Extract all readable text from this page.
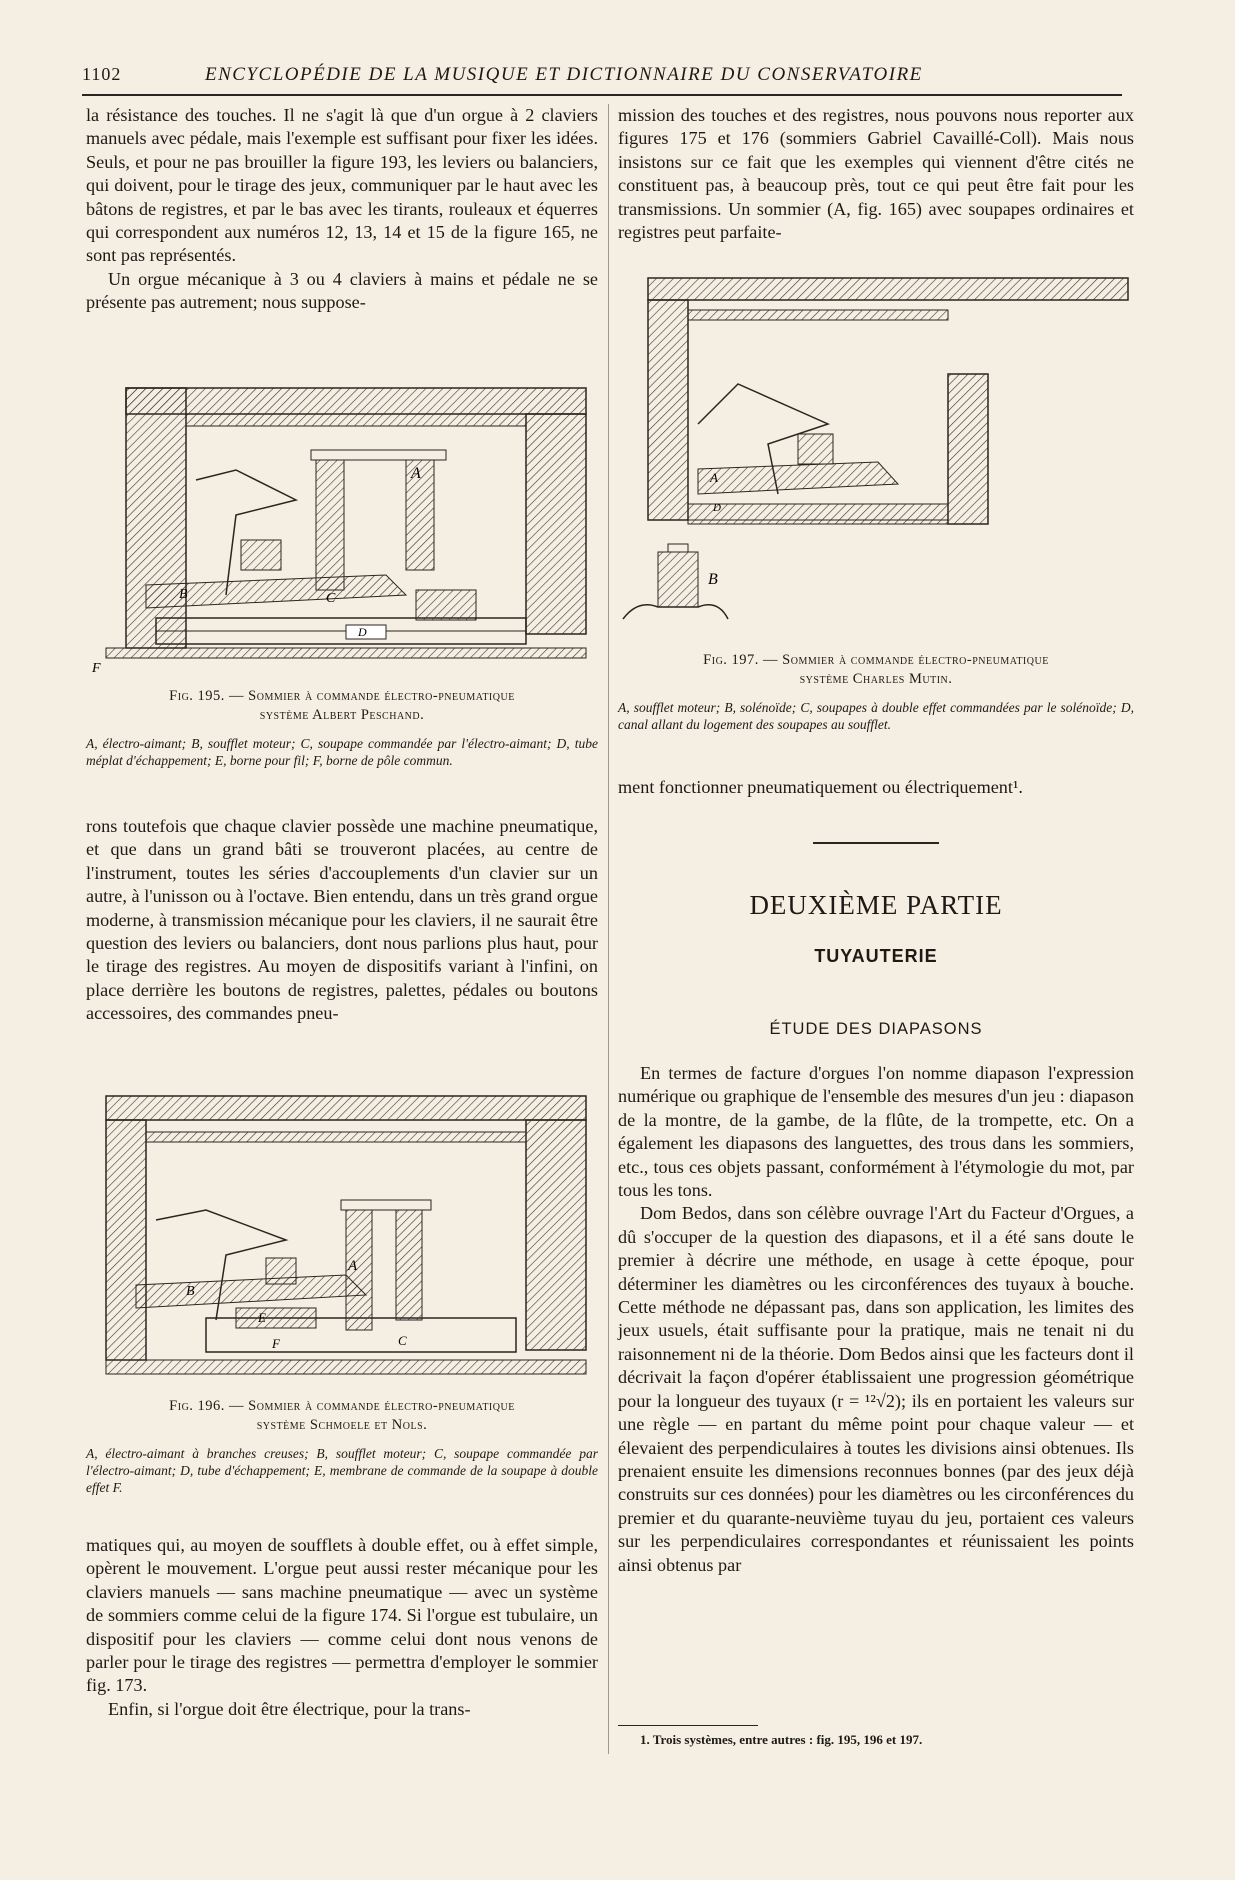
1102	ENCYCLOPÉDIE DE LA MUSIQUE ET DICTIONNAIRE DU CONSERVATOIRE

la résistance des touches. Il ne s'agit là que d'un orgue à 2 claviers manuels avec pédale, mais l'exemple est suffisant pour fixer les idées. Seuls, et pour ne pas brouiller la figure 193, les leviers ou balanciers, qui doivent, pour le tirage des jeux, communiquer par le haut avec les bâtons de registres, et par le bas avec les tirants, rouleaux et équerres qui correspondent aux numéros 12, 13, 14 et 15 de la figure 165, ne sont pas représentés.

Un orgue mécanique à 3 ou 4 claviers à mains et pédale ne se présente pas autrement; nous suppose-

A
B	C
D
F
Fig. 195. — Sommier à commande électro-pneumatique
système Albert Peschand.
A, électro-aimant; B, soufflet moteur; C, soupape commandée par l'électro-aimant; D, tube méplat d'échappement; E, borne pour fil; F, borne de pôle commun.

rons toutefois que chaque clavier possède une machine pneumatique, et que dans un grand bâti se trouveront placées, au centre de l'instrument, toutes les séries d'accouplements d'un clavier sur un autre, à l'unisson ou à l'octave. Bien entendu, dans un très grand orgue moderne, à transmission mécanique pour les claviers, il ne saurait être question des leviers ou balanciers, dont nous parlions plus haut, pour le tirage des registres. Au moyen de dispositifs variant à l'infini, on place derrière les boutons de registres, palettes, pédales ou boutons accessoires, des commandes pneu-

A
B
C
E
F
Fig. 196. — Sommier à commande électro-pneumatique
système Schmoele et Nols.
A, électro-aimant à branches creuses; B, soufflet moteur; C, soupape commandée par l'électro-aimant; D, tube d'échappement; E, membrane de commande de la soupape à double effet F.

matiques qui, au moyen de soufflets à double effet, ou à effet simple, opèrent le mouvement. L'orgue peut aussi rester mécanique pour les claviers manuels — sans machine pneumatique — avec un système de sommiers comme celui de la figure 174. Si l'orgue est tubulaire, un dispositif pour les claviers — comme celui dont nous venons de parler pour le tirage des registres — permettra d'employer le sommier fig. 173.

Enfin, si l'orgue doit être électrique, pour la trans-

mission des touches et des registres, nous pouvons nous reporter aux figures 175 et 176 (sommiers Gabriel Cavaillé-Coll). Mais nous insistons sur ce fait que les exemples qui viennent d'être cités ne constituent pas, à beaucoup près, tout ce qui peut être fait pour les transmissions. Un sommier (A, fig. 165) avec soupapes ordinaires et registres peut parfaite-

A
B
D
Fig. 197. — Sommier à commande électro-pneumatique
système Charles Mutin.
A, soufflet moteur; B, solénoïde; C, soupapes à double effet commandées par le solénoïde; D, canal allant du logement des soupapes au soufflet.

ment fonctionner pneumatiquement ou électriquement¹.

DEUXIÈME PARTIE
TUYAUTERIE
ÉTUDE DES DIAPASONS

En termes de facture d'orgues l'on nomme diapason l'expression numérique ou graphique de l'ensemble des mesures d'un jeu : diapason de la montre, de la gambe, de la flûte, de la trompette, etc. On a également les diapasons des languettes, des trous dans les sommiers, etc., tous ces objets passant, conformément à l'étymologie du mot, par tous les tons.

Dom Bedos, dans son célèbre ouvrage l'Art du Facteur d'Orgues, a dû s'occuper de la question des diapasons, et il a été sans doute le premier à décrire une méthode, en usage à cette époque, pour déterminer les diamètres ou les circonférences des tuyaux à bouche. Cette méthode ne dépassant pas, dans son application, les limites des jeux usuels, était suffisante pour la pratique, mais ne tenait ni du raisonnement ni de la théorie. Dom Bedos ainsi que les facteurs dont il décrivait la façon d'opérer établissaient une progression géométrique pour la longueur des tuyaux (r = ¹²√2); ils en portaient les valeurs sur une règle — en partant du même point pour chaque valeur — et élevaient des perpendiculaires à toutes les divisions ainsi obtenues. Ils prenaient ensuite les dimensions reconnues bonnes (par des jeux déjà construits sur ces données) pour les diamètres ou les circonférences du premier et du quarante-neuvième tuyau du jeu, portaient ces valeurs sur les perpendiculaires correspondantes et réunissaient les points ainsi obtenus par

1. Trois systèmes, entre autres : fig. 195, 196 et 197.
